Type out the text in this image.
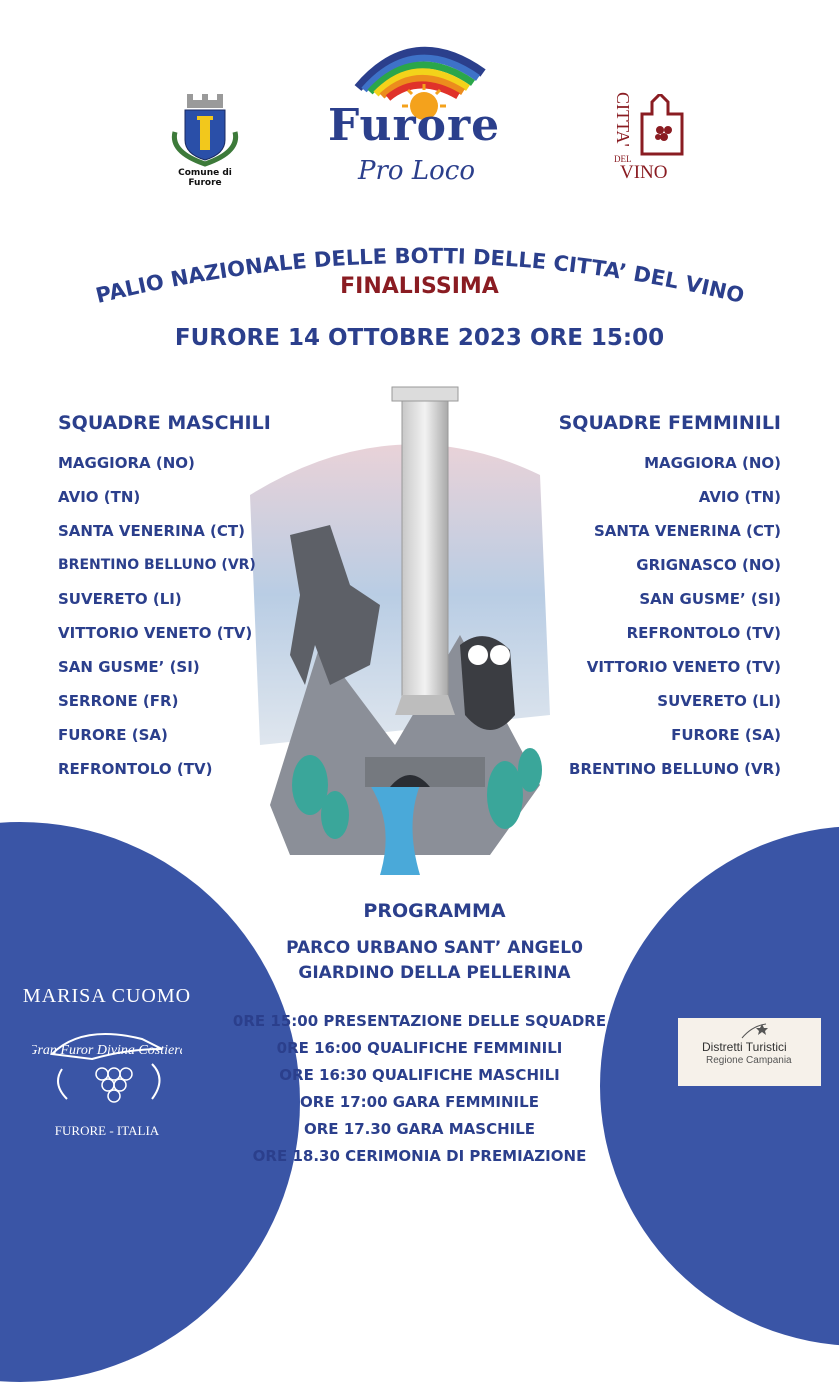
Comune di Furore
Furore
Pro Loco
CITTA'
DEL
VINO
PALIO NAZIONALE DELLE BOTTI DELLE CITTA’ DEL VINO
FINALISSIMA
FURORE 14 OTTOBRE 2023 ORE 15:00
SQUADRE MASCHILI	SQUADRE FEMMINILI
MAGGIORA (NO)
AVIO (TN)
SANTA VENERINA (CT)
BRENTINO BELLUNO (VR)
SUVERETO (LI)
VITTORIO VENETO (TV)
SAN GUSME’ (SI)
SERRONE (FR)
FURORE (SA)
REFRONTOLO (TV)
MAGGIORA (NO)
AVIO (TN)
SANTA VENERINA (CT)
GRIGNASCO (NO)
SAN GUSME’ (SI)
REFRONTOLO (TV)
VITTORIO VENETO (TV)
SUVERETO (LI)
FURORE (SA)
BRENTINO BELLUNO (VR)
PROGRAMMA
PARCO URBANO SANT’ ANGEL0
GIARDINO DELLA PELLERINA
0RE 15:00 PRESENTAZIONE DELLE SQUADRE
0RE 16:00 QUALIFICHE FEMMINILI
ORE 16:30 QUALIFICHE MASCHILI
ORE 17:00 GARA FEMMINILE
ORE 17.30 GARA MASCHILE
ORE 18.30 CERIMONIA DI PREMIAZIONE
MARISA CUOMO
Gran Furor Divina Costiera
FURORE - ITALIA
Distretti Turistici
Regione Campania
